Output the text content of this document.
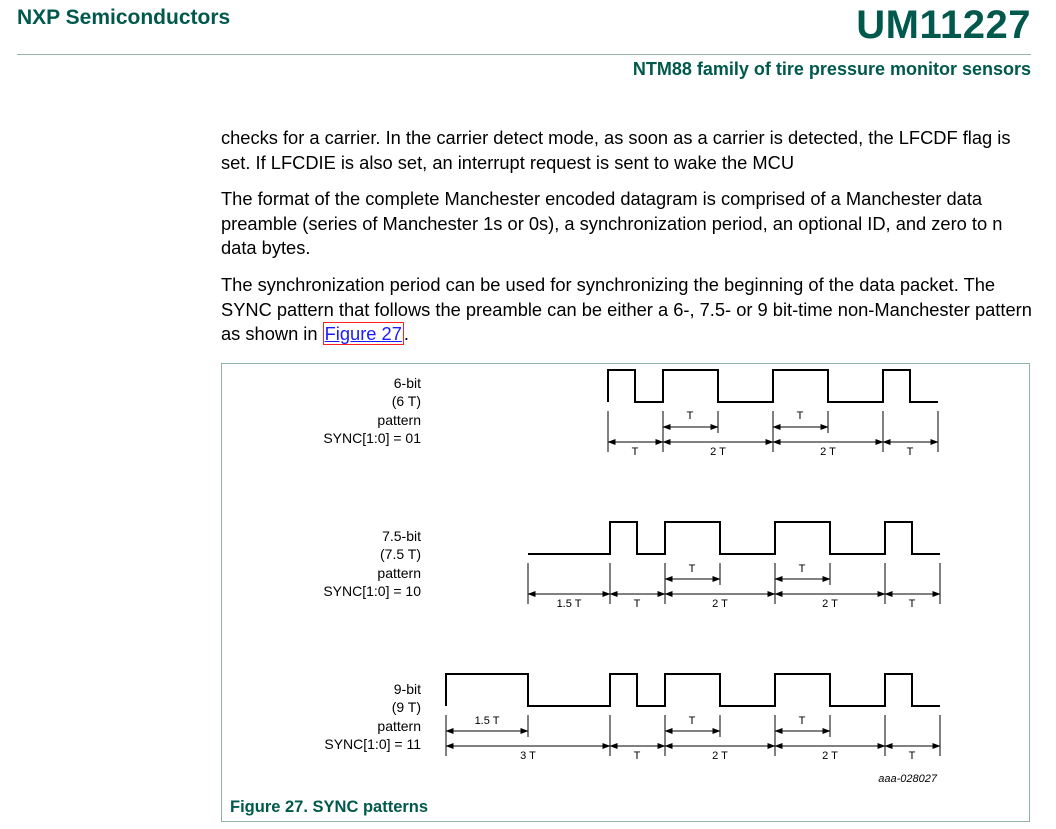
NXP Semiconductors	UM11227
NTM88 family of tire pressure monitor sensors

checks for a carrier. In the carrier detect mode, as soon as a carrier is detected, the LFCDF flag is set. If LFCDIE is also set, an interrupt request is sent to wake the MCU

The format of the complete Manchester encoded datagram is comprised of a Manchester data preamble (series of Manchester 1s or 0s), a synchronization period, an optional ID, and zero to n data bytes.

The synchronization period can be used for synchronizing the beginning of the data packet. The SYNC pattern that follows the preamble can be either a 6-, 7.5- or 9 bit-time non-Manchester pattern as shown in Figure 27 .

6-bit
(6 T)
pattern
SYNC[1:0] = 01
T	T
T	2 T	2 T	T
7.5-bit
(7.5 T)
pattern
SYNC[1:0] = 10
T	T
1.5 T	T	2 T	2 T	T
9-bit
(9 T)
pattern
SYNC[1:0] = 11
1.5 T	T	T
3 T	T	2 T	2 T	T
aaa-028027
Figure 27. SYNC patterns
